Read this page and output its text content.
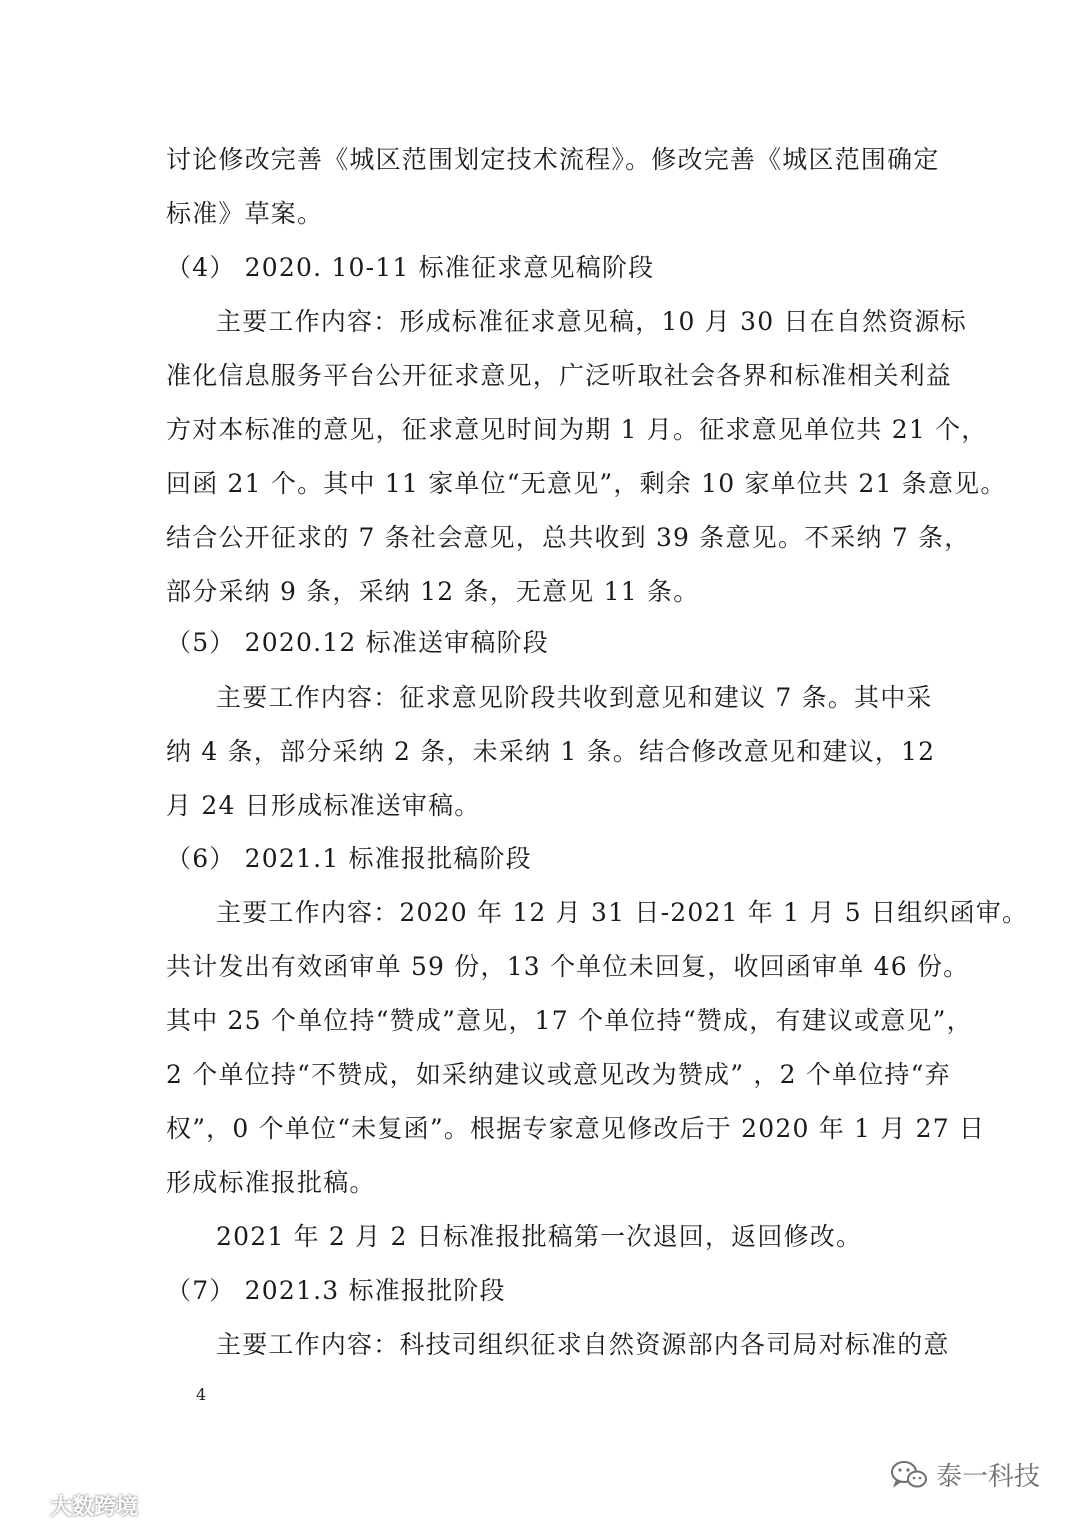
讨论修改完善《城区范围划定技术流程》。修改完善《城区范围确定
标准》草案。
（4） 2020. 10-11 标准征求意见稿阶段
主要工作内容：形成标准征求意见稿，10 月 30 日在自然资源标
准化信息服务平台公开征求意见，广泛听取社会各界和标准相关利益
方对本标准的意见，征求意见时间为期 1 月。征求意见单位共 21 个，
回函 21 个。其中 11 家单位“无意见”，剩余 10 家单位共 21 条意见。
结合公开征求的 7 条社会意见，总共收到 39 条意见。不采纳 7 条，
部分采纳 9 条，采纳 12 条，无意见 11 条。
（5） 2020.12 标准送审稿阶段
主要工作内容：征求意见阶段共收到意见和建议 7 条。其中采
纳 4 条，部分采纳 2 条，未采纳 1 条。结合修改意见和建议，12
月 24 日形成标准送审稿。
（6） 2021.1 标准报批稿阶段
主要工作内容：2020 年 12 月 31 日-2021 年 1 月 5 日组织函审。
共计发出有效函审单 59 份，13 个单位未回复，收回函审单 46 份。
其中 25 个单位持“赞成”意见，17 个单位持“赞成，有建议或意见”，
2 个单位持“不赞成，如采纳建议或意见改为赞成” ，2 个单位持“弃
权”，0 个单位“未复函”。根据专家意见修改后于 2020 年 1 月 27 日
形成标准报批稿。
2021 年 2 月 2 日标准报批稿第一次退回，返回修改。
（7） 2021.3 标准报批阶段
主要工作内容：科技司组织征求自然资源部内各司局对标准的意
4
大数跨境
泰一科技
